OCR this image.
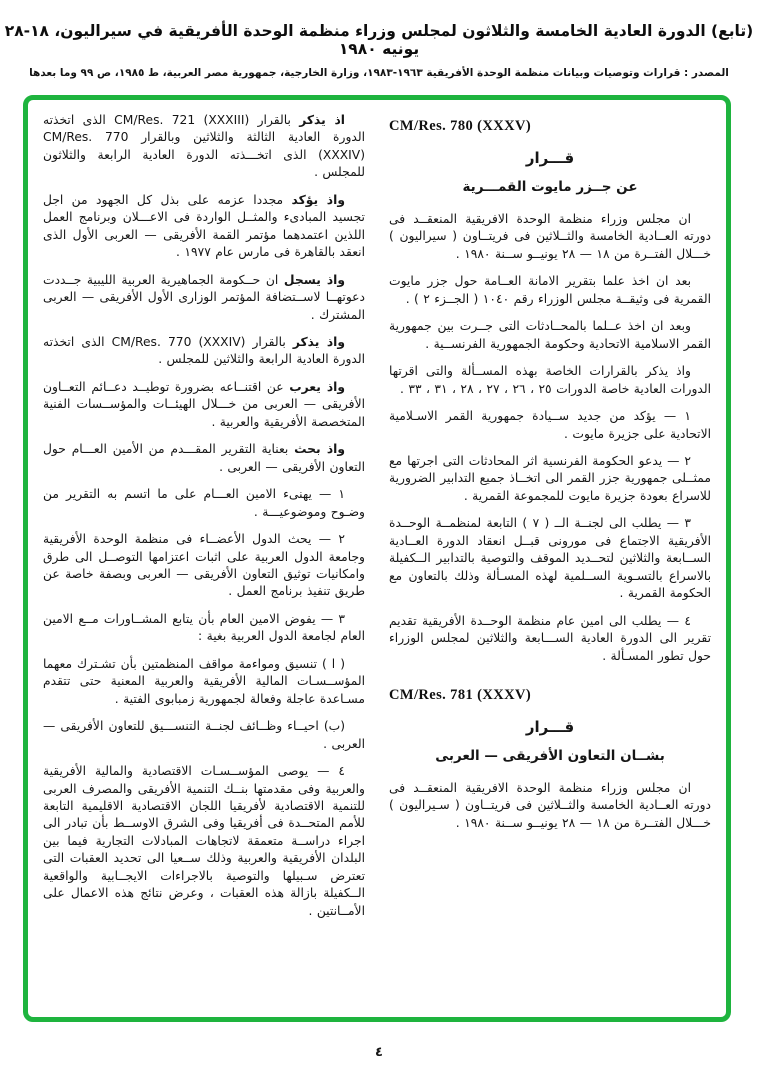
(تابع) الدورة العادية الخامسة والثلاثون لمجلس وزراء منظمة الوحدة الأفريقية في سيراليون، ١٨-٢٨ يونيه ١٩٨٠
المصدر : قرارات وتوصيات وبيانات منظمة الوحدة الأفريقية ١٩٦٣-١٩٨٣، وزارة الخارجية، جمهورية مصر العربية، ط ١٩٨٥، ص ٩٩ وما بعدها
CM/Res. 780 (XXXV)
قـــرار
عن جــزر مايوت القمـــرية

ان مجلس وزراء منظمة الوحدة الافريقية المنعقــد فى دورته العــادية الخامسة والثــلاثين فى فريتــاون ( سيراليون ) خـــلال الفتــرة من ١٨ — ٢٨ يونيــو ســنة ١٩٨٠ .

بعد ان اخذ علما بتقرير الامانة العــامة حول جزر مايوت القمرية فى وثيقــة مجلس الوزراء رقم ١٠٤٠ ( الجــزء ٢ ) .

وبعد ان اخذ عــلما بالمحــادثات التى جــرت بين جمهورية القمر الاسلامية الاتحادية وحكومة الجمهورية الفرنســية .

واذ يذكر بالقرارات الخاصة بهذه المســألة والتى اقرتها الدورات العادية خاصة الدورات ٢٥ ، ٢٦ ، ٢٧ ، ٢٨ ، ٣١ ، ٣٣ .

١ — يؤكد من جديد ســيادة جمهورية القمر الاسـلامية الاتحادية على جزيرة مايوت .

٢ — يدعو الحكومة الفرنسية اثر المحادثات التى اجرتها مع ممثــلى جمهورية جزر القمر الى اتخــاذ جميع التدابير الضرورية للاسراع بعودة جزيرة مايوت للمجموعة القمرية .

٣ — يطلب الى لجنــة الــ ( ٧ ) التابعة لمنظمــة الوحــدة الأفريقية الاجتماع فى مورونى قبــل انعقاد الدورة العــادية الســابعة والثلاثين لتحــديد الموقف والتوصية بالتدابير الــكفيلة بالاسراع بالتسـوية الســلمية لهذه المسـألة وذلك بالتعاون مع الحكومة القمرية .

٤ — يطلب الى امين عام منظمة الوحــدة الأفريقية تقديم تقرير الى الدورة العادية الســـابعة والثلاثين لمجلس الوزراء حول تطور المسـألة .

CM/Res. 781 (XXXV)
قـــرار
بشــان التعاون الأفريقى — العربى

ان مجلس وزراء منظمة الوحدة الافريقية المنعقــد فى دورته العــادية الخامسة والثــلاثين فى فريتــاون ( سـيراليون ) خـــلال الفتــرة من ١٨ — ٢٨ يونيــو ســنة ١٩٨٠ .

اذ يذكر بالقرار CM/Res. 721 (XXXIII) الذى اتخذته الدورة العادية الثالثة والثلاثين وبالقرار CM/Res. 770 (XXXIV) الذى اتخـــذته الدورة العادية الرابعة والثلاثون للمجلس .

واذ يؤكد مجددا عزمه على بذل كل الجهود من اجل تجسيد المبادىء والمثــل الواردة فى الاعـــلان وبرنامج العمل اللذين اعتمدهما مؤتمر القمة الأفريقى — العربى الأول الذى انعقد بالقاهرة فى مارس عام ١٩٧٧ .

واذ يسجل ان حــكومة الجماهيرية العربية الليبية جــددت دعوتهــا لاســتضافة المؤتمر الوزارى الأول الأفريقى — العربى المشترك .

واذ يذكر بالقرار CM/Res. 770 (XXXIV) الذى اتخذته الدورة العادية الرابعة والثلاثين للمجلس .

واذ يعرب عن اقتنــاعه بضرورة توطيــد دعــائم التعــاون الأفريقى — العربى من خـــلال الهيئــات والمؤســسات الفنية المتخصصة الأفريقية والعربية .

واذ بحث بعناية التقرير المقـــدم من الأمين العـــام حول التعاون الأفريقى — العربى .

١ — يهنىء الامين العـــام على ما اتسم به التقرير من وضـوح وموضوعيـــة .

٢ — يحث الدول الأعضــاء فى منظمة الوحدة الأفريقية وجامعة الدول العربية على اثبات اعتزامها التوصــل الى طرق وامكانيات توثيق التعاون الأفريقى — العربى وبصفة خاصة عن طريق تنفيذ برنامج العمل .

٣ — يفوض الامين العام بأن يتابع المشــاورات مــع الامين العام لجامعة الدول العربية بغية :

( ا ) تنسيق ومواءمة مواقف المنظمتين بأن تشـترك معهما المؤســسـات المالية الأفريقية والعربية المعنية حتى تتقدم مسـاعدة عاجلة وفعالة لجمهورية زمبابوى الفتية .

(ب) احيــاء وظــائف لجنــة التنســـيق للتعاون الأفريقى — العربى .

٤ — يوصى المؤســسـات الاقتصادية والمالية الأفريقية والعربية وفى مقدمتها بنــك التنمية الأفريقى والمصرف العربى للتنمية الاقتصادية لأفريقيا اللجان الاقتصادية الاقليمية التابعة للأمم المتحــدة فى أفريقيا وفى الشرق الاوســط بأن تبادر الى اجراء دراســة متعمقة لاتجاهات المبادلات التجارية فيما بين البلدان الأفريقية والعربية وذلك ســعيا الى تحديد العقبات التى تعترض سـبيلها والتوصية بالاجراءات الايجــابية والواقعية الــكفيلة بازالة هذه العقبات ، وعرض نتائج هذه الاعمال على الأمــانتين .

٤
